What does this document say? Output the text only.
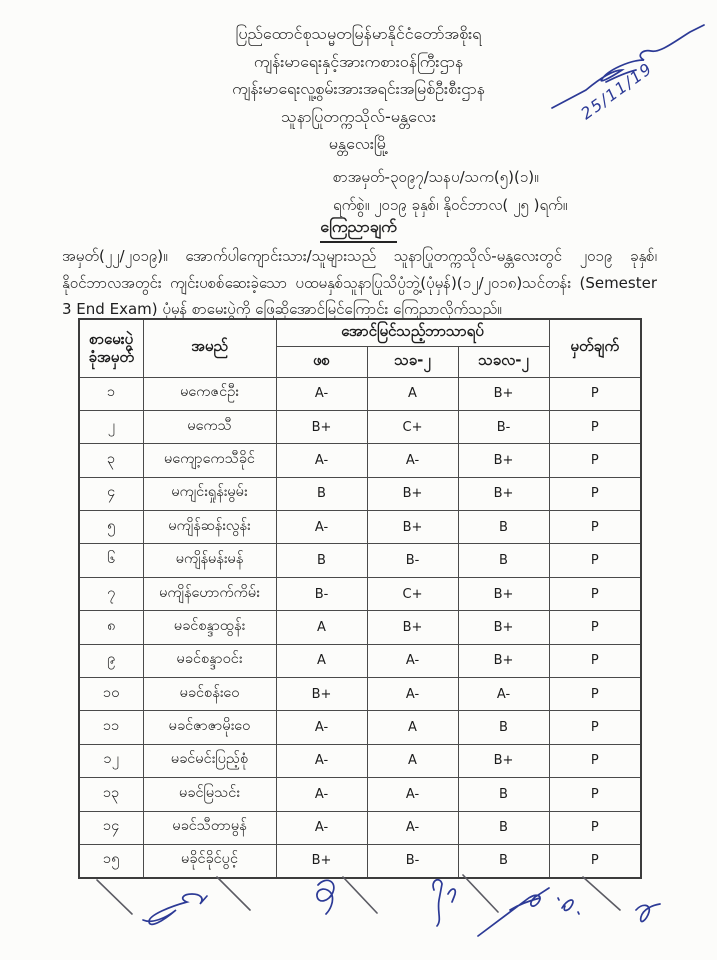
ပြည်ထောင်စုသမ္မတမြန်မာနိုင်ငံတော်အစိုးရ
ကျန်းမာရေးနှင့်အားကစားဝန်ကြီးဌာန
ကျန်းမာရေးလူ့စွမ်းအားအရင်းအမြစ်ဦးစီးဌာန
သူနာပြုတက္ကသိုလ်-မန္တလေး
မန္တလေးမြို့
25/11/19
စာအမှတ်-၃၀၉၇/သနပ/သက(၅)(၁)။
ရက်စွဲ။ ၂၀၁၉ ခုနှစ်၊ နိုဝင်ဘာလ( ၂၅ )ရက်။
ကြေညာချက်
အမှတ်(၂၂/၂၀၁၉)။ အောက်ပါကျောင်းသား/သူများသည် သူနာပြုတက္ကသိုလ်-မန္တလေးတွင် ၂၀၁၉ ခုနှစ်၊ နိုဝင်ဘာလအတွင်း ကျင်းပစစ်ဆေးခဲ့သော ပထမနှစ်သူနာပြုသိပ္ပံဘွဲ့(ပုံမှန်)(၁၂/၂၀၁၈)သင်တန်း (Semester 3 End Exam) ပုံမှန် စာမေးပွဲကို ဖြေဆိုအောင်မြင်ကြောင်း ကြေညာလိုက်သည်။
စာမေးပွဲ
ခုံအမှတ်	အမည်	အောင်မြင်သည့်ဘာသာရပ်			မှတ်ချက်
		ဖစ	သခ-၂	သခလ-၂	
၁	မကေဇင်ဦး	A-	A	B+	P
၂	မကေသီ	B+	C+	B-	P
၃	မကျော့ကေသီခိုင်	A-	A-	B+	P
၄	မကျင်းရှုန်းမွမ်း	B	B+	B+	P
၅	မကျိန်ဆန်းလွန်း	A-	B+	B	P
၆	မကျိန်မန်းမန်	B	B-	B	P
၇	မကျိန်ဟောက်ကိမ်း	B-	C+	B+	P
၈	မခင်စန္ဒာထွန်း	A	B+	B+	P
၉	မခင်စန္ဒာဝင်း	A	A-	B+	P
၁၀	မခင်စန်းဝေ	B+	A-	A-	P
၁၁	မခင်ဇာဇာမိုးဝေ	A-	A	B	P
၁၂	မခင်မင်းပြည့်စုံ	A-	A	B+	P
၁၃	မခင်မြသင်း	A-	A-	B	P
၁၄	မခင်သီတာမွန်	A-	A-	B	P
၁၅	မခိုင်ခိုင်ပွင့်	B+	B-	B	P
